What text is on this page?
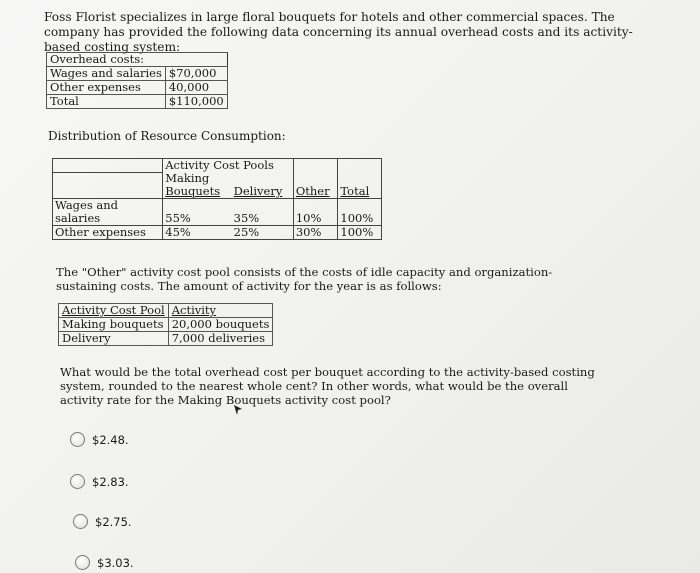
Foss Florist specializes in large floral bouquets for hotels and other commercial spaces. The company has provided the following data concerning its annual overhead costs and its activity-based costing system:
Overhead costs:	
Wages and salaries	$70,000
Other expenses	40,000
Total	$110,000
Distribution of Resource Consumption:
	Activity Cost Pools			
	Making			
	Bouquets	Delivery	Other	Total
Wages and				
salaries	55%	35%	10%	100%
Other expenses	45%	25%	30%	100%
The "Other" activity cost pool consists of the costs of idle capacity and organization-sustaining costs. The amount of activity for the year is as follows:
Activity Cost Pool	Activity
Making bouquets	20,000 bouquets
Delivery	7,000 deliveries
What would be the total overhead cost per bouquet according to the activity-based costing system, rounded to the nearest whole cent? In other words, what would be the overall activity rate for the Making Bouquets activity cost pool?
$2.48.
$2.83.
$2.75.
$3.03.
